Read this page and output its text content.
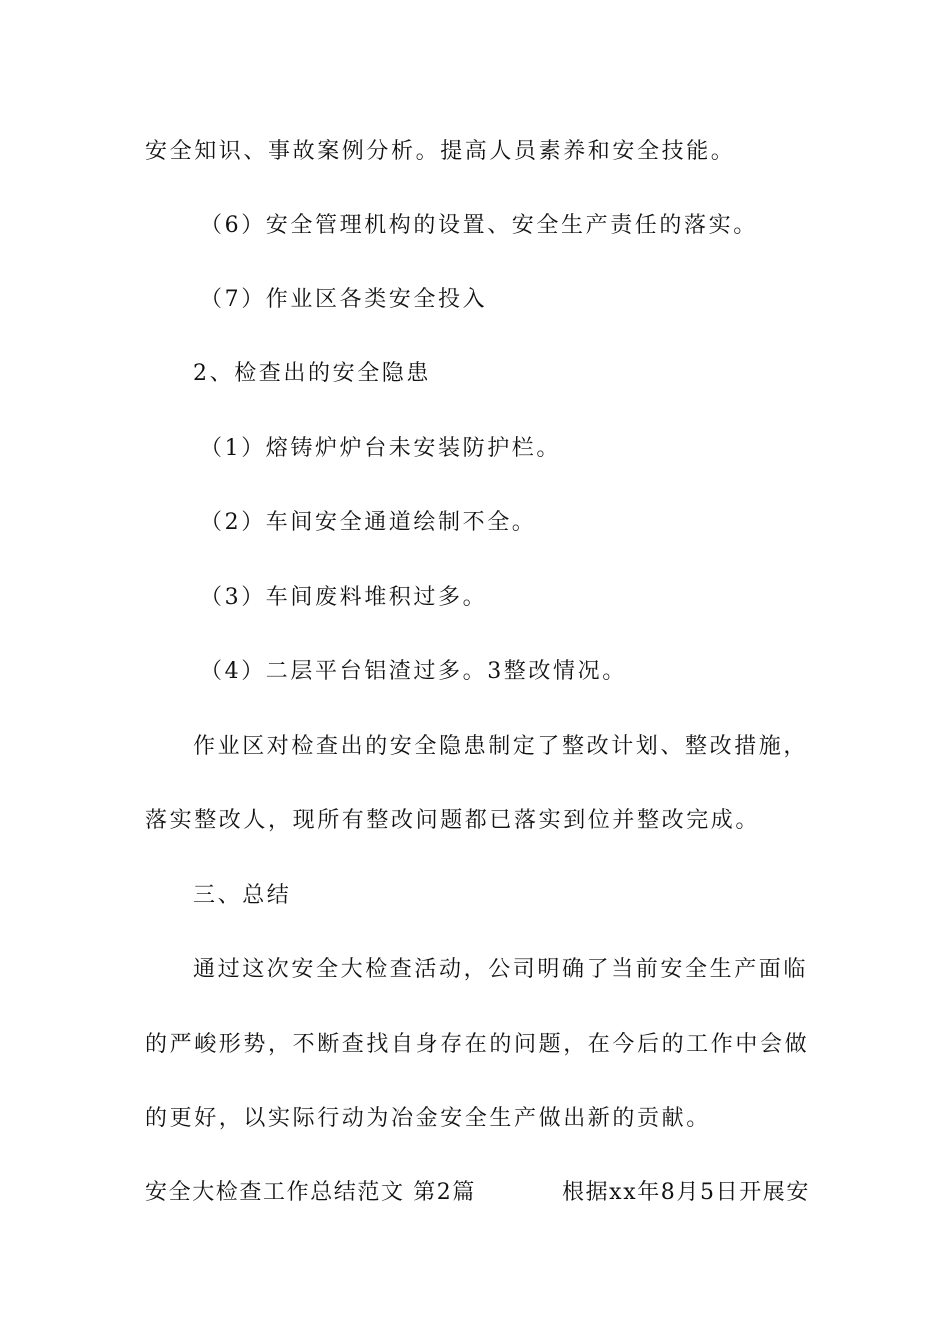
安全知识、事故案例分析。提高人员素养和安全技能。
（6）安全管理机构的设置、安全生产责任的落实。
（7）作业区各类安全投入
2、检查出的安全隐患
（1）熔铸炉炉台未安装防护栏。
（2）车间安全通道绘制不全。
（3）车间废料堆积过多。
（4）二层平台铝渣过多。3整改情况。
作业区对检查出的安全隐患制定了整改计划、整改措施，
落实整改人，现所有整改问题都已落实到位并整改完成。
三、总结
通过这次安全大检查活动，公司明确了当前安全生产面临
的严峻形势，不断查找自身存在的问题，在今后的工作中会做
的更好，以实际行动为冶金安全生产做出新的贡献。
安全大检查工作总结范文 第2篇	根据xx年8月5日开展安
